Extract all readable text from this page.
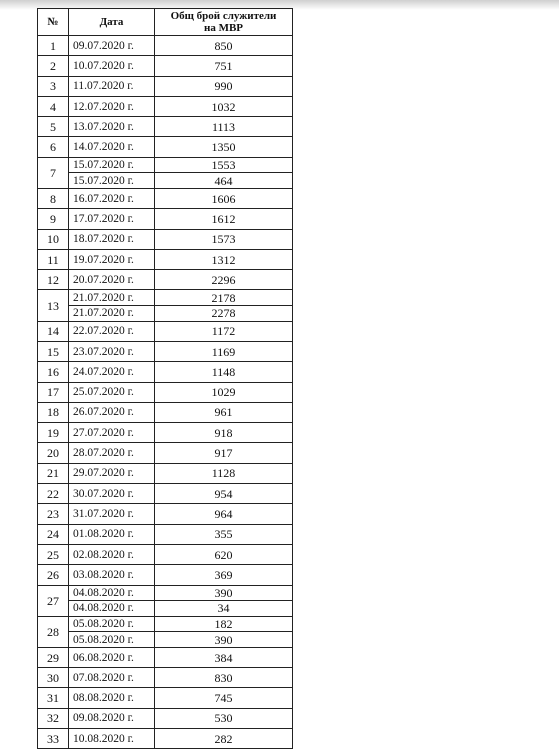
№	Дата	Общ брой служители
на МВР

1	09.07.2020 г.	850
2	10.07.2020 г.	751
3	11.07.2020 г.	990
4	12.07.2020 г.	1032
5	13.07.2020 г.	1113
6	14.07.2020 г.	1350
7	15.07.2020 г.	1553
	15.07.2020 г.	464
8	16.07.2020 г.	1606
9	17.07.2020 г.	1612
10	18.07.2020 г.	1573
11	19.07.2020 г.	1312
12	20.07.2020 г.	2296
13	21.07.2020 г.	2178
	21.07.2020 г.	2278
14	22.07.2020 г.	1172
15	23.07.2020 г.	1169
16	24.07.2020 г.	1148
17	25.07.2020 г.	1029
18	26.07.2020 г.	961
19	27.07.2020 г.	918
20	28.07.2020 г.	917
21	29.07.2020 г.	1128
22	30.07.2020 г.	954
23	31.07.2020 г.	964
24	01.08.2020 г.	355
25	02.08.2020 г.	620
26	03.08.2020 г.	369
27	04.08.2020 г.	390
	04.08.2020 г.	34
28	05.08.2020 г.	182
	05.08.2020 г.	390
29	06.08.2020 г.	384
30	07.08.2020 г.	830
31	08.08.2020 г.	745
32	09.08.2020 г.	530
33	10.08.2020 г.	282
